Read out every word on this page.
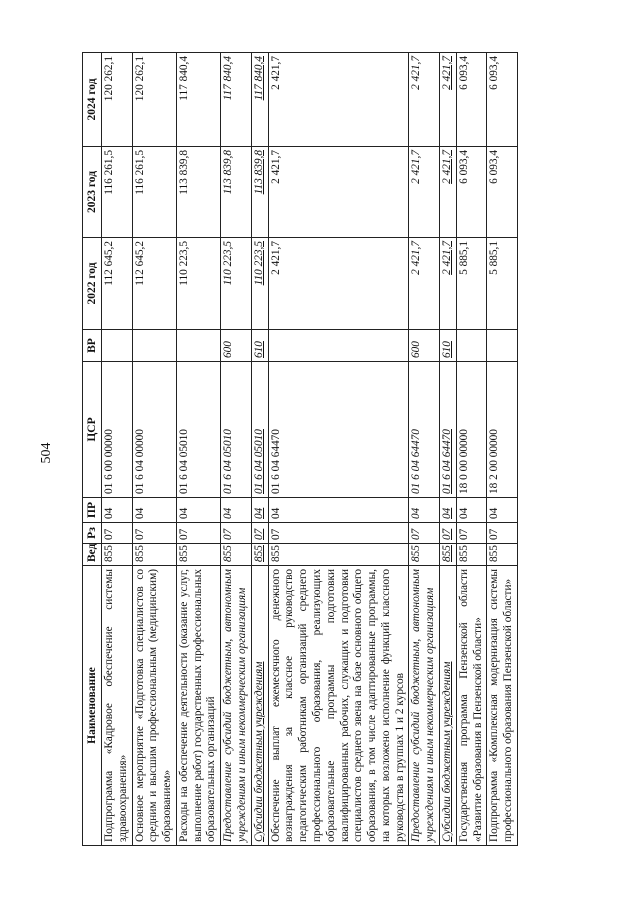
504
Наименование	Вед	Рз	ПР	ЦСР	ВР	2022 год	2023 год	2024 год
Подпрограмма «Кадровое обеспечение системы здравоохранения»	855	07	04	01 6 00 00000		112 645,2	116 261,5	120 262,1
Основное мероприятие «Подготовка специалистов со средним и высшим профессиональным (медицинским) образованием»	855	07	04	01 6 04 00000		112 645,2	116 261,5	120 262,1
Расходы на обеспечение деятельности (оказание услуг, выполнение работ) государственных профессиональных образовательных организаций	855	07	04	01 6 04 05010		110 223,5	113 839,8	117 840,4
Предоставление субсидий бюджетным, автономным учреждениям и иным некоммерческим организациям	855	07	04	01 6 04 05010	600	110 223,5	113 839,8	117 840,4
Субсидии бюджетным учреждениям	855	07	04	01 6 04 05010	610	110 223,5	113 839,8	117 840,4
Обеспечение выплат ежемесячного денежного вознаграждения за классное руководство педагогическим работникам организаций среднего профессионального образования, реализующих образовательные программы подготовки квалифицированных рабочих, служащих и подготовки специалистов среднего звена на базе основного общего образования, в том числе адаптированные программы, на которых возложено исполнение функций классного руководства в группах 1 и 2 курсов	855	07	04	01 6 04 64470		2 421,7	2 421,7	2 421,7
Предоставление субсидий бюджетным, автономным учреждениям и иным некоммерческим организациям	855	07	04	01 6 04 64470	600	2 421,7	2 421,7	2 421,7
Субсидии бюджетным учреждениям	855	07	04	01 6 04 64470	610	2 421,7	2 421,7	2 421,7
Государственная программа Пензенской области «Развитие образования в Пензенской области»	855	07	04	18 0 00 00000		5 885,1	6 093,4	6 093,4
Подпрограмма «Комплексная модернизация системы профессионального образования Пензенской области»	855	07	04	18 2 00 00000		5 885,1	6 093,4	6 093,4
